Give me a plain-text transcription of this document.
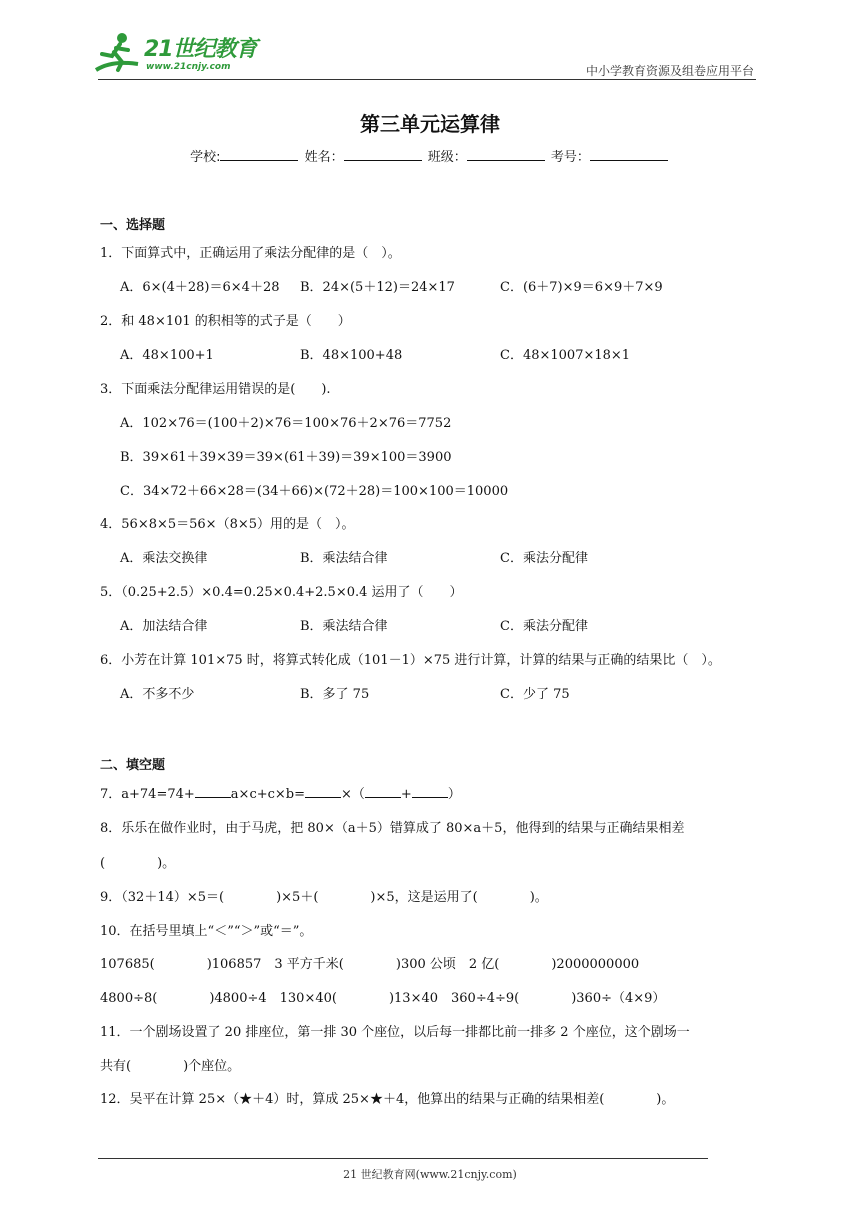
21世纪教育
www.21cnjy.com	中小学教育资源及组卷应用平台
第三单元运算律
学校:	姓名：	班级：	考号：
一、选择题
1．下面算式中，正确运用了乘法分配律的是（　）。
A．6×(4＋28)＝6×4＋28 B．24×(5＋12)＝24×17	C．(6＋7)×9＝6×9＋7×9
2．和 48×101 的积相等的式子是（　　）
A．48×100+1	B．48×100+48	C．48×1007×18×1
3．下面乘法分配律运用错误的是(　　).
A．102×76＝(100＋2)×76＝100×76＋2×76＝7752
B．39×61＋39×39＝39×(61＋39)＝39×100＝3900
C．34×72＋66×28＝(34＋66)×(72＋28)＝100×100＝10000
4．56×8×5＝56×（8×5）用的是（　）。
A．乘法交换律	B．乘法结合律	C．乘法分配律
5．（0.25+2.5）×0.4=0.25×0.4+2.5×0.4 运用了（　　）
A．加法结合律	B．乘法结合律	C．乘法分配律
6．小芳在计算 101×75 时，将算式转化成（101－1）×75 进行计算，计算的结果与正确的结果比（　）。
A．不多不少	B．多了 75	C．少了 75
二、填空题
7．a+74=74+	a×c+c×b=	×（	+	）
8．乐乐在做作业时，由于马虎，把 80×（a＋5）错算成了 80×a＋5，他得到的结果与正确结果相差
(　　　　)。
9．（32＋14）×5＝(　　　　)×5＋(　　　　)×5，这是运用了(　　　　)。
10．在括号里填上“＜”“＞”或“＝”。
107685(　　　　)106857　3 平方千米(　　　　)300 公顷　2 亿(　　　　)2000000000
4800÷8(　　　　)4800÷4　130×40(　　　　)13×40　360÷4÷9(　　　　)360÷（4×9）
11．一个剧场设置了 20 排座位，第一排 30 个座位，以后每一排都比前一排多 2 个座位，这个剧场一
共有(　　　　)个座位。
12．吴平在计算 25×（★＋4）时，算成 25×★＋4，他算出的结果与正确的结果相差(　　　　)。
21 世纪教育网(www.21cnjy.com)
